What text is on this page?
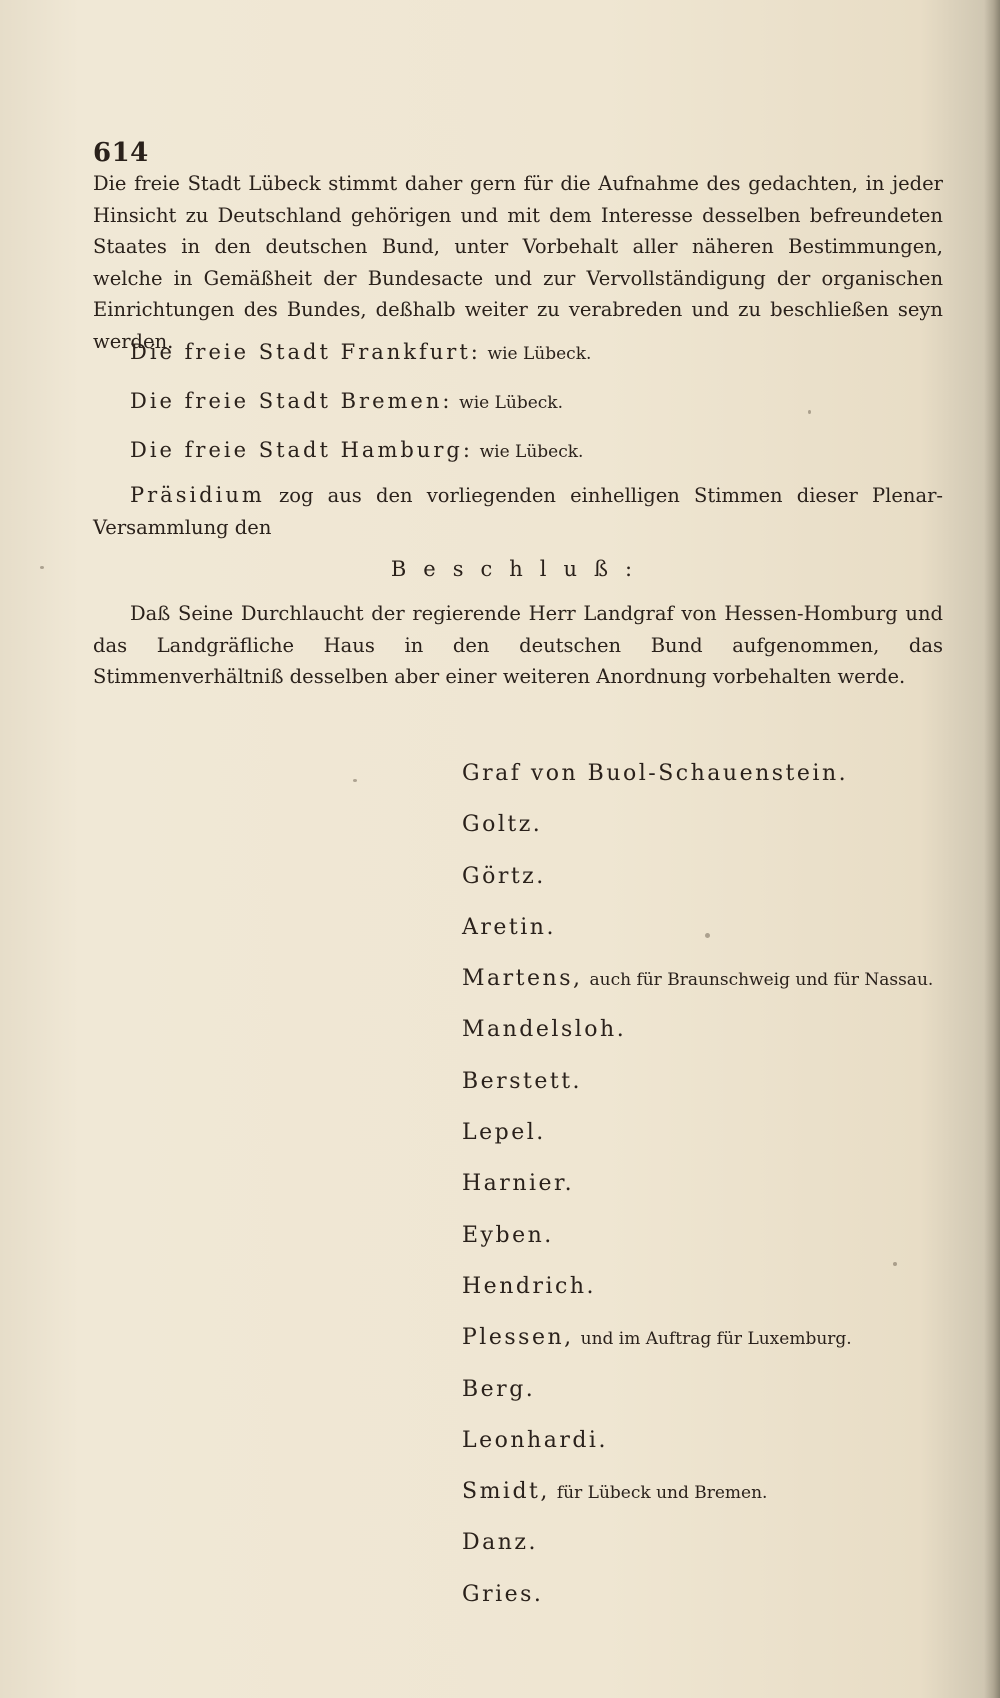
614

Die freie Stadt Lübeck stimmt daher gern für die Aufnahme des gedachten, in jeder Hinsicht zu Deutschland gehörigen und mit dem Interesse desselben befreundeten Staates in den deutschen Bund, unter Vorbehalt aller näheren Bestimmungen, welche in Gemäßheit der Bundesacte und zur Vervollständigung der organischen Einrichtungen des Bundes, deßhalb weiter zu verabreden und zu beschließen seyn werden.

Die freie Stadt Frankfurt: wie Lübeck.

Die freie Stadt Bremen: wie Lübeck.

Die freie Stadt Hamburg: wie Lübeck.

Präsidium zog aus den vorliegenden einhelligen Stimmen dieser Plenar-Versammlung den

Beschluß:

Daß Seine Durchlaucht der regierende Herr Landgraf von Hessen-Homburg und das Landgräfliche Haus in den deutschen Bund aufgenommen, das Stimmenverhältniß desselben aber einer weiteren Anordnung vorbehalten werde.

Graf von Buol-Schauenstein.
Goltz.
Görtz.
Aretin.
Martens, auch für Braunschweig und für Nassau.
Mandelsloh.
Berstett.
Lepel.
Harnier.
Eyben.
Hendrich.
Plessen, und im Auftrag für Luxemburg.
Berg.
Leonhardi.
Smidt, für Lübeck und Bremen.
Danz.
Gries.
